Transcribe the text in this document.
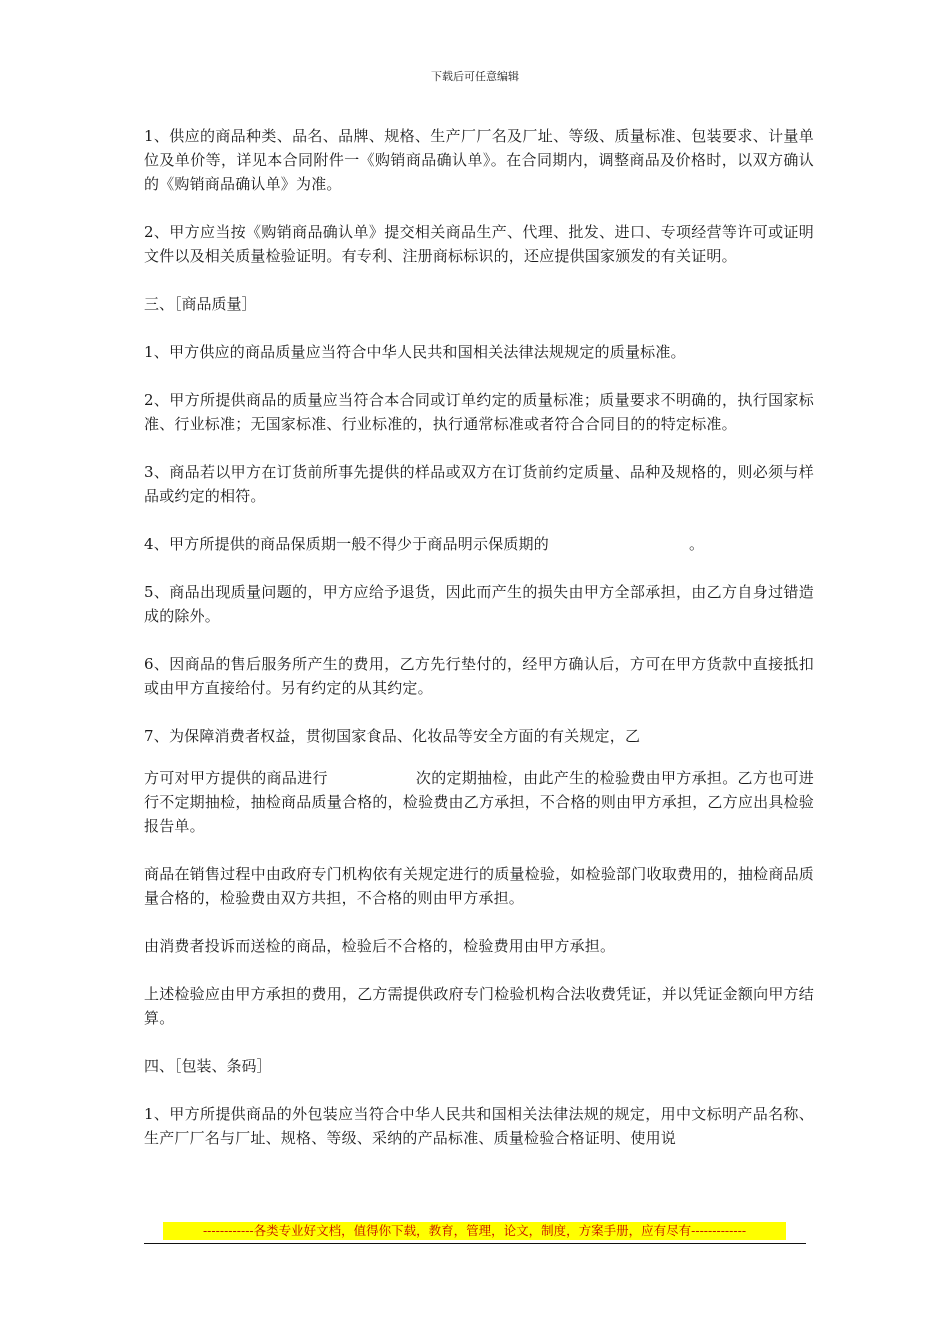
下载后可任意编辑

1、供应的商品种类、品名、品牌、规格、生产厂厂名及厂址、等级、质量标准、包装要求、计量单位及单价等，详见本合同附件一《购销商品确认单》。在合同期内，调整商品及价格时，以双方确认的《购销商品确认单》为准。

2、甲方应当按《购销商品确认单》提交相关商品生产、代理、批发、进口、专项经营等许可或证明文件以及相关质量检验证明。有专利、注册商标标识的，还应提供国家颁发的有关证明。

三、［商品质量］

1、甲方供应的商品质量应当符合中华人民共和国相关法律法规规定的质量标准。

2、甲方所提供商品的质量应当符合本合同或订单约定的质量标准；质量要求不明确的，执行国家标准、行业标准；无国家标准、行业标准的，执行通常标准或者符合合同目的的特定标准。

3、商品若以甲方在订货前所事先提供的样品或双方在订货前约定质量、品种及规格的，则必须与样品或约定的相符。

4、甲方所提供的商品保质期一般不得少于商品明示保质期的	。

5、商品出现质量问题的，甲方应给予退货，因此而产生的损失由甲方全部承担，由乙方自身过错造成的除外。

6、因商品的售后服务所产生的费用，乙方先行垫付的，经甲方确认后，方可在甲方货款中直接抵扣或由甲方直接给付。另有约定的从其约定。

7、为保障消费者权益，贯彻国家食品、化妆品等安全方面的有关规定，乙

方可对甲方提供的商品进行	次的定期抽检，由此产生的检验费由甲方承担。乙方也可进行不定期抽检，抽检商品质量合格的，检验费由乙方承担，不合格的则由甲方承担，乙方应出具检验报告单。

商品在销售过程中由政府专门机构依有关规定进行的质量检验，如检验部门收取费用的，抽检商品质量合格的，检验费由双方共担，不合格的则由甲方承担。

由消费者投诉而送检的商品，检验后不合格的，检验费用由甲方承担。

上述检验应由甲方承担的费用，乙方需提供政府专门检验机构合法收费凭证，并以凭证金额向甲方结算。

四、［包装、条码］

1、甲方所提供商品的外包装应当符合中华人民共和国相关法律法规的规定，用中文标明产品名称、生产厂厂名与厂址、规格、等级、采纳的产品标准、质量检验合格证明、使用说

------------各类专业好文档，值得你下载，教育，管理，论文，制度，方案手册，应有尽有-------------
